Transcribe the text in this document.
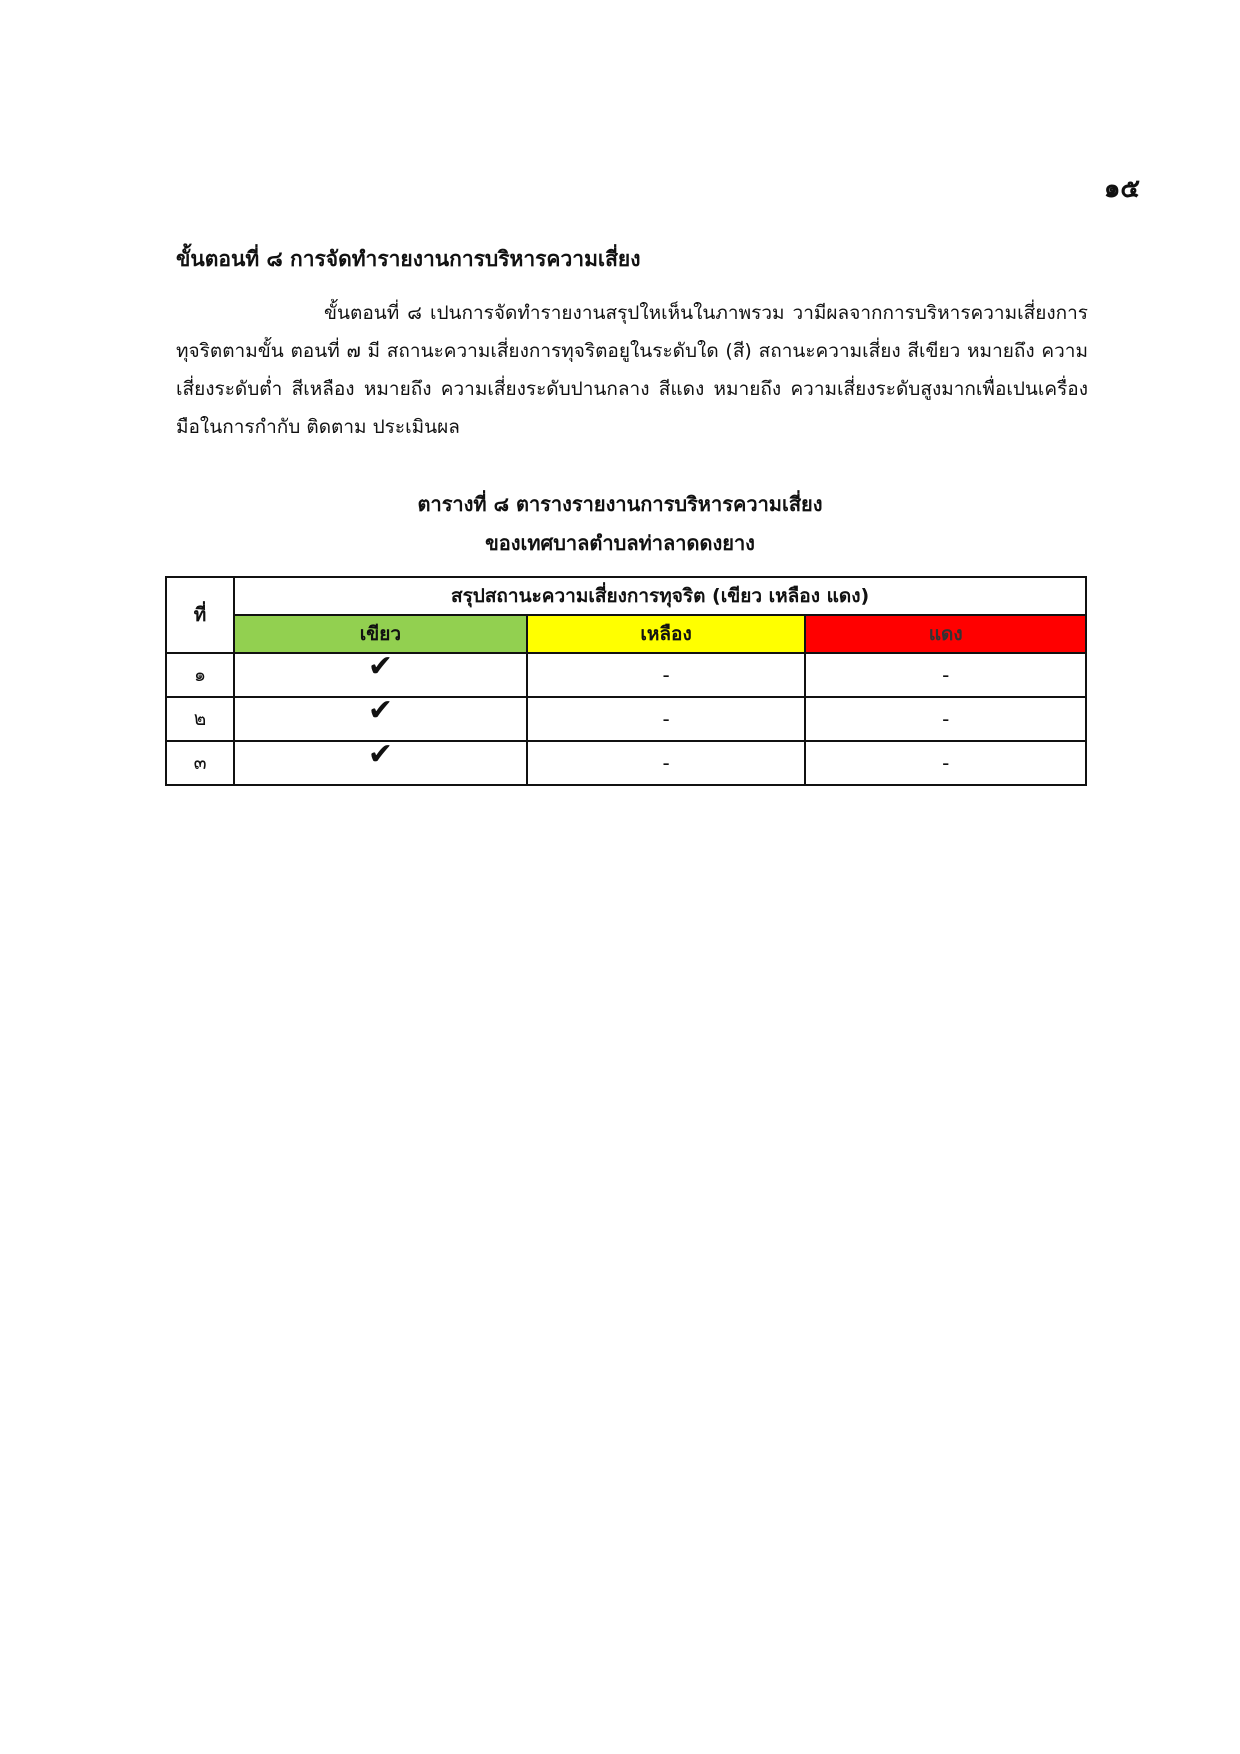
๑๕
ขั้นตอนที่ ๘ การจัดทำรายงานการบริหารความเสี่ยง
ขั้นตอนที่ ๘ เปนการจัดทำรายงานสรุปใหเห็นในภาพรวม วามีผลจากการบริหารความเสี่ยงการทุจริตตามขั้น ตอนที่ ๗ มี สถานะความเสี่ยงการทุจริตอยูในระดับใด (สี) สถานะความเสี่ยง สีเขียว หมายถึง ความเสี่ยงระดับต่ำ สีเหลือง หมายถึง ความเสี่ยงระดับปานกลาง สีแดง หมายถึง ความเสี่ยงระดับสูงมากเพื่อเปนเครื่องมือในการกำกับ ติดตาม ประเมินผล
ตารางที่ ๘ ตารางรายงานการบริหารความเสี่ยง
ของเทศบาลตำบลท่าลาดดงยาง
ที่	สรุปสถานะความเสี่ยงการทุจริต (เขียว เหลือง แดง)		
	เขียว	เหลือง	แดง
๑	✔	-	-
๒	✔	-	-
๓	✔	-	-
